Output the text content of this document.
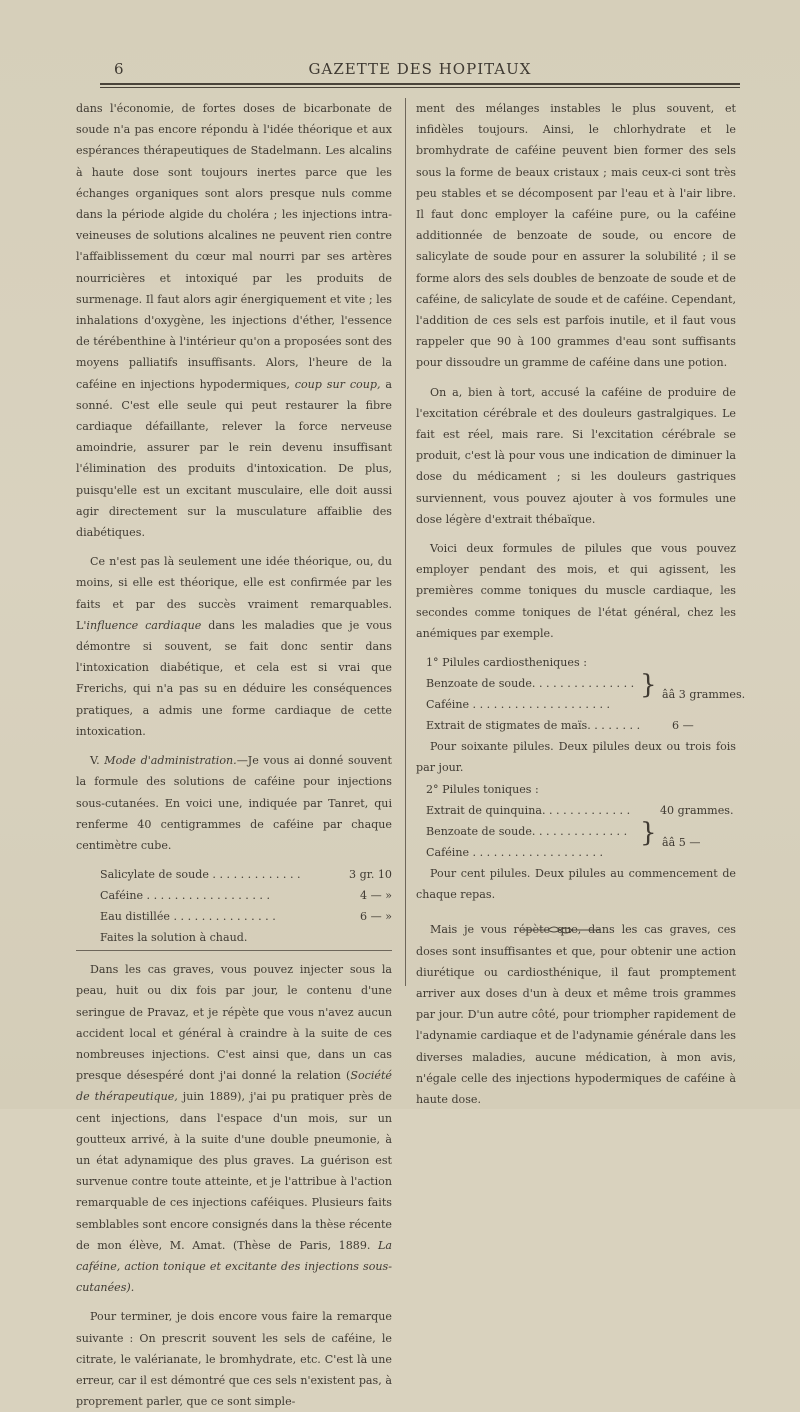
6	GAZETTE DES HOPITAUX

dans l'économie, de fortes doses de bicarbonate de soude n'a pas encore répondu à l'idée théorique et aux espérances thérapeutiques de Stadelmann. Les alcalins à haute dose sont toujours inertes parce que les échanges organiques sont alors presque nuls comme dans la période algide du choléra ; les injections intra-veineuses de solutions alcalines ne peuvent rien contre l'affaiblissement du cœur mal nourri par ses artères nourricières et intoxiqué par les produits de surmenage. Il faut alors agir énergiquement et vite ; les inhalations d'oxygène, les injections d'éther, l'essence de térébenthine à l'intérieur qu'on a proposées sont des moyens palliatifs insuffisants. Alors, l'heure de la caféine en injections hypodermiques, coup sur coup, a sonné. C'est elle seule qui peut restaurer la fibre cardiaque défaillante, relever la force nerveuse amoindrie, assurer par le rein devenu insuffisant l'élimination des produits d'intoxication. De plus, puisqu'elle est un excitant musculaire, elle doit aussi agir directement sur la musculature affaiblie des diabétiques.

Ce n'est pas là seulement une idée théorique, ou, du moins, si elle est théorique, elle est confirmée par les faits et par des succès vraiment remarquables. L'influence cardiaque dans les maladies que je vous démontre si souvent, se fait donc sentir dans l'intoxication diabétique, et cela est si vrai que Frerichs, qui n'a pas su en déduire les conséquences pratiques, a admis une forme cardiaque de cette intoxication.

V. Mode d'administration.—Je vous ai donné souvent la formule des solutions de caféine pour injections sous-cutanées. En voici une, indiquée par Tanret, qui renferme 40 centigrammes de caféine par chaque centimètre cube.

Salicylate de soude . . . . . . . . . . . . .	3 gr. 10
Caféine . . . . . . . . . . . . . . . . . .	4 — »
Eau distillée . . . . . . . . . . . . . . .	6 — »
Faites la solution à chaud.

Dans les cas graves, vous pouvez injecter sous la peau, huit ou dix fois par jour, le contenu d'une seringue de Pravaz, et je répète que vous n'avez aucun accident local et général à craindre à la suite de ces nombreuses injections. C'est ainsi que, dans un cas presque désespéré dont j'ai donné la relation (Société de thérapeutique, juin 1889), j'ai pu pratiquer près de cent injections, dans l'espace d'un mois, sur un goutteux arrivé, à la suite d'une double pneumonie, à un état adynamique des plus graves. La guérison est survenue contre toute atteinte, et je l'attribue à l'action remarquable de ces injections caféiques. Plusieurs faits semblables sont encore consignés dans la thèse récente de mon élève, M. Amat. (Thèse de Paris, 1889. La caféine, action tonique et excitante des injections sous-cutanées).

Pour terminer, je dois encore vous faire la remarque suivante : On prescrit souvent les sels de caféine, le citrate, le valérianate, le bromhydrate, etc. C'est là une erreur, car il est démontré que ces sels n'existent pas, à proprement parler, que ce sont simple-

ment des mélanges instables le plus souvent, et infidèles toujours. Ainsi, le chlorhydrate et le bromhydrate de caféine peuvent bien former des sels sous la forme de beaux cristaux ; mais ceux-ci sont très peu stables et se décomposent par l'eau et à l'air libre. Il faut donc employer la caféine pure, ou la caféine additionnée de benzoate de soude, ou encore de salicylate de soude pour en assurer la solubilité ; il se forme alors des sels doubles de benzoate de soude et de caféine, de salicylate de soude et de caféine. Cependant, l'addition de ces sels est parfois inutile, et il faut vous rappeler que 90 à 100 grammes d'eau sont suffisants pour dissoudre un gramme de caféine dans une potion.

On a, bien à tort, accusé la caféine de produire de l'excitation cérébrale et des douleurs gastralgiques. Le fait est réel, mais rare. Si l'excitation cérébrale se produit, c'est là pour vous une indication de diminuer la dose du médicament ; si les douleurs gastriques surviennent, vous pouvez ajouter à vos formules une dose légère d'extrait thébaïque.

Voici deux formules de pilules que vous pouvez employer pendant des mois, et qui agissent, les premières comme toniques du muscle cardiaque, les secondes comme toniques de l'état général, chez les anémiques par exemple.

1° Pilules cardiostheniques :

Benzoate de soude. . . . . . . . . . . . . . .
Caféine . . . . . . . . . . . . . . . . . . . .
ââ 3 grammes.
}
Extrait de stigmates de maïs. . . . . . . .	6 —

Pour soixante pilules. Deux pilules deux ou trois fois par jour.

2° Pilules toniques :

Extrait de quinquina. . . . . . . . . . . . .	40 grammes.
Benzoate de soude. . . . . . . . . . . . . .
Caféine . . . . . . . . . . . . . . . . . . .
ââ 5 —
}

Pour cent pilules. Deux pilules au commencement de chaque repas.

Mais je vous répète que, dans les cas graves, ces doses sont insuffisantes et que, pour obtenir une action diurétique ou cardiosthénique, il faut promptement arriver aux doses d'un à deux et même trois grammes par jour. D'un autre côté, pour triompher rapidement de l'adynamie cardiaque et de l'adynamie générale dans les diverses maladies, aucune médication, à mon avis, n'égale celle des injections hypodermiques de caféine à haute dose.
